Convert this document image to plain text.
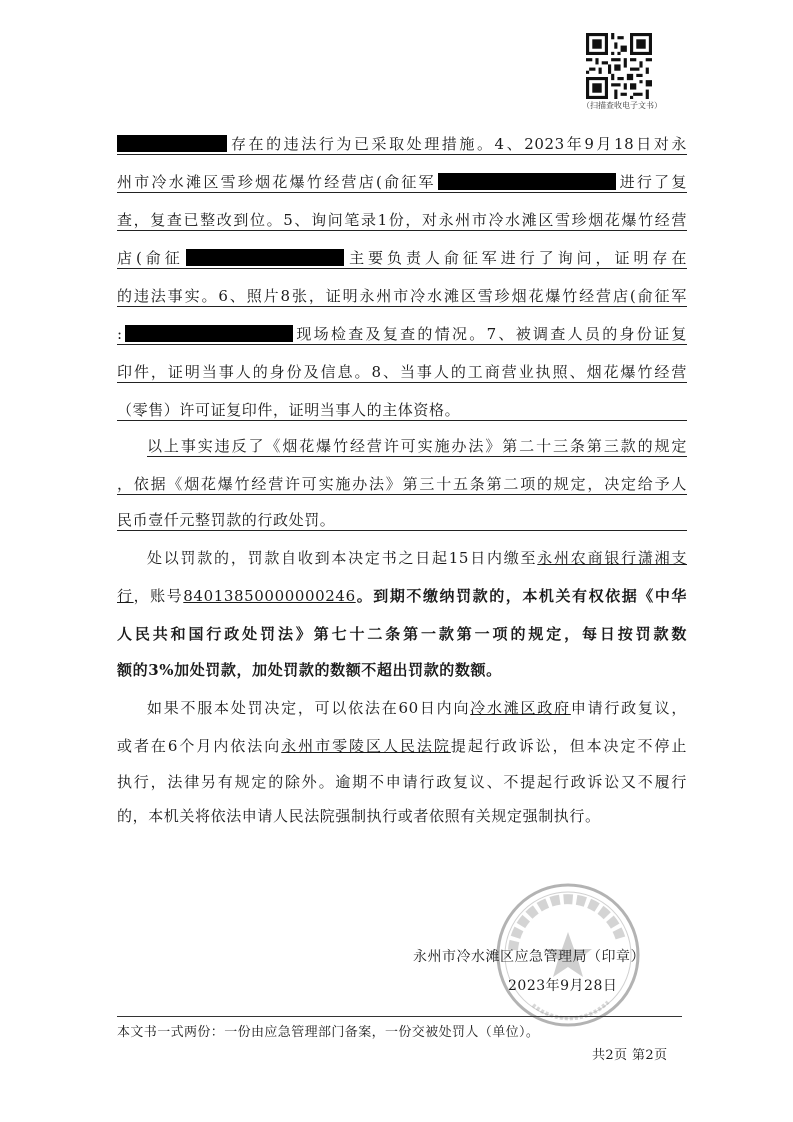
（扫描查收电子文书）
存在的违法行为已采取处理措施。4、2023年9月18日对永
州市冷水滩区雪珍烟花爆竹经营店(俞征军	进行了复
查，复查已整改到位。5、询问笔录1份，对永州市冷水滩区雪珍烟花爆竹经营
店(俞征	主要负责人俞征军进行了询问，证明存在
的违法事实。6、照片8张，证明永州市冷水滩区雪珍烟花爆竹经营店(俞征军
:	现场检查及复查的情况。7、被调查人员的身份证复
印件，证明当事人的身份及信息。8、当事人的工商营业执照、烟花爆竹经营
（零售）许可证复印件，证明当事人的主体资格。
以上事实违反了《烟花爆竹经营许可实施办法》第二十三条第三款的规定
，依据《烟花爆竹经营许可实施办法》第三十五条第二项的规定，决定给予人
民币壹仟元整罚款的行政处罚。
处以罚款的，罚款自收到本决定书之日起15日内缴至永州农商银行潇湘支
行，账号84013850000000246。到期不缴纳罚款的，本机关有权依据《中华
人民共和国行政处罚法》第七十二条第一款第一项的规定，每日按罚款数
额的3%加处罚款，加处罚款的数额不超出罚款的数额。
如果不服本处罚决定，可以依法在60日内向冷水滩区政府申请行政复议，
或者在6个月内依法向永州市零陵区人民法院提起行政诉讼，但本决定不停止
执行，法律另有规定的除外。逾期不申请行政复议、不提起行政诉讼又不履行
的，本机关将依法申请人民法院强制执行或者依照有关规定强制执行。
永州市冷水滩区应急管理局（印章）
2023年9月28日
本文书一式两份：一份由应急管理部门备案，一份交被处罚人（单位）。
共2页 第2页
